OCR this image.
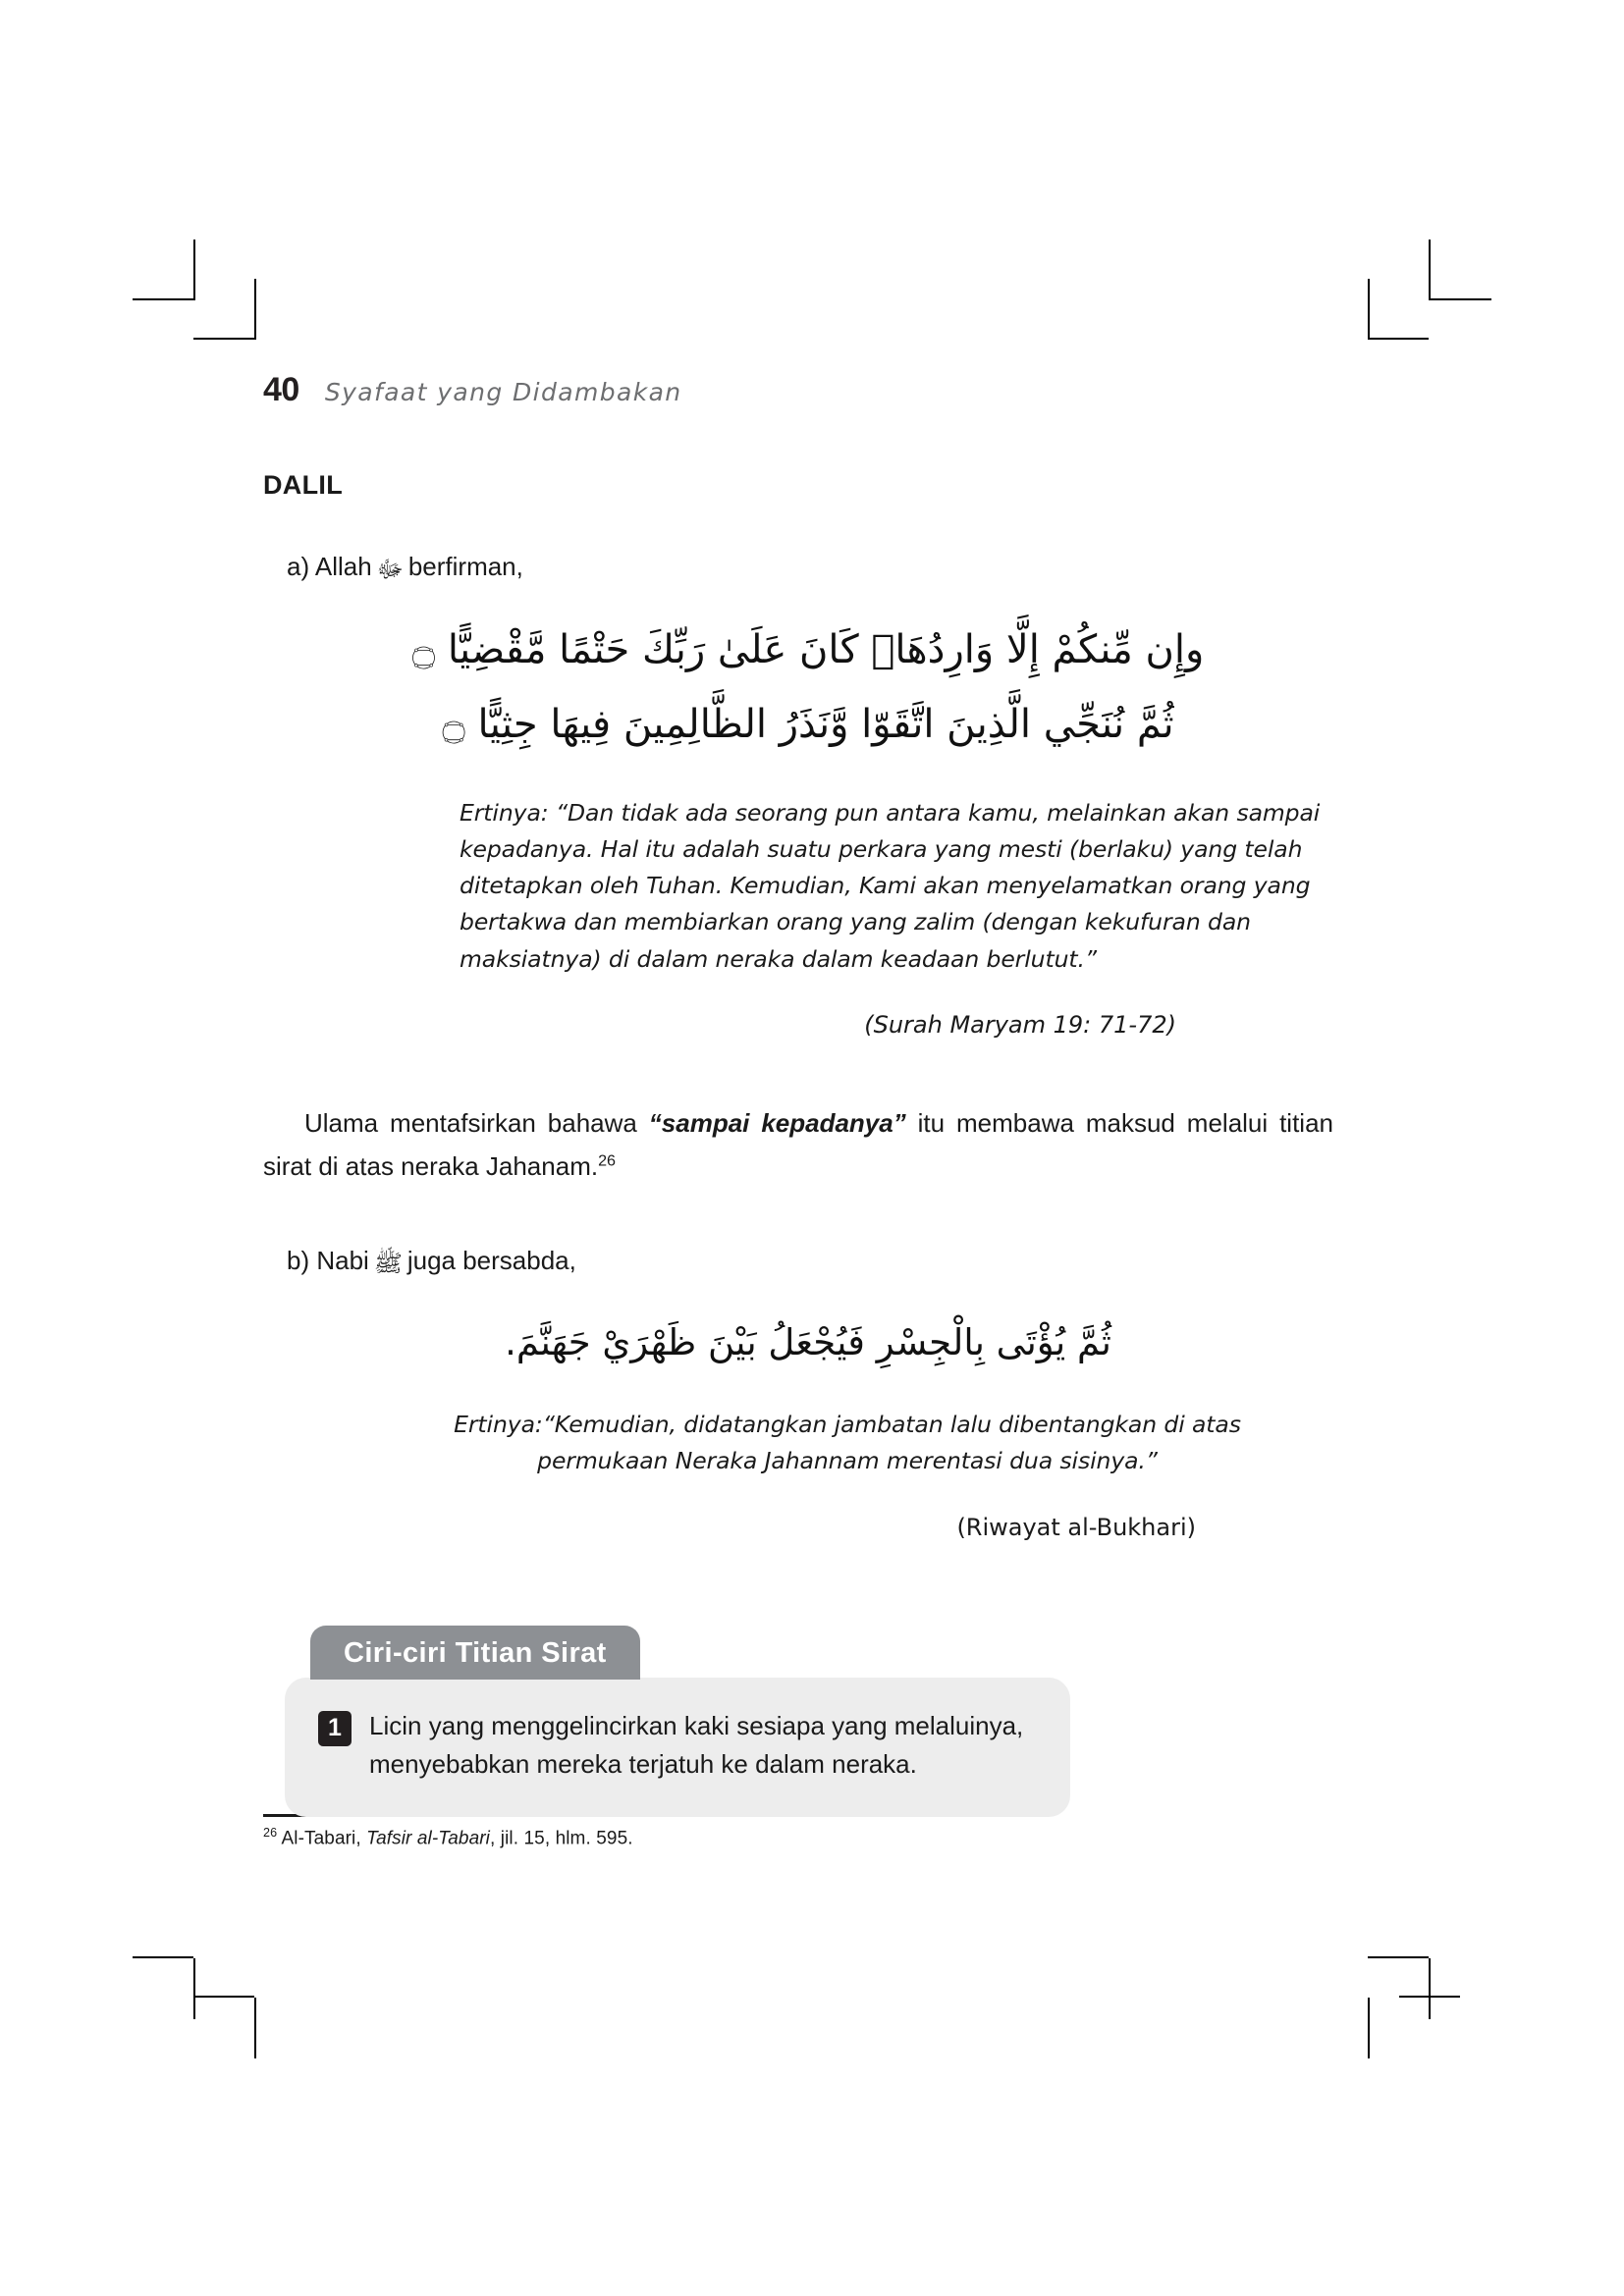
40 Syafaat yang Didambakan
DALIL
a) Allah ﷻ berfirman,
وإِن مِّنكُمْ إِلَّا وَارِدُهَاؚ كَانَ عَلَىٰ رَبِّكَ حَتْمًا مَّقْضِيًّا ۝
ثُمَّ نُنَجِّي الَّذِينَ اتَّقَوّا وَّنَذَرُ الظَّالِمِينَ فِيهَا جِثِيًّا ۝
Ertinya: “Dan tidak ada seorang pun antara kamu, melainkan akan sampai kepadanya. Hal itu adalah suatu perkara yang mesti (berlaku) yang telah ditetapkan oleh Tuhan. Kemudian, Kami akan menyelamatkan orang yang bertakwa dan membiarkan orang yang zalim (dengan kekufuran dan maksiatnya) di dalam neraka dalam keadaan berlutut.”
(Surah Maryam 19: 71-72)
Ulama mentafsirkan bahawa “sampai kepadanya” itu membawa maksud melalui titian sirat di atas neraka Jahanam.$^{26}$
b) Nabi ﷺ juga bersabda,
ثُمَّ يُؤْتَى بِالْجِسْرِ فَيُجْعَلُ بَيْنَ ظَهْرَيْ جَهَنَّمَ.
Ertinya:“Kemudian, didatangkan jambatan lalu dibentangkan di atas permukaan Neraka Jahannam merentasi dua sisinya.”
(Riwayat al-Bukhari)
Ciri-ciri Titian Sirat
1	Licin yang menggelincirkan kaki sesiapa yang melaluinya, menyebabkan mereka terjatuh ke dalam neraka.
$^{26}$ Al-Tabari, Tafsir al-Tabari, jil. 15, hlm. 595.
